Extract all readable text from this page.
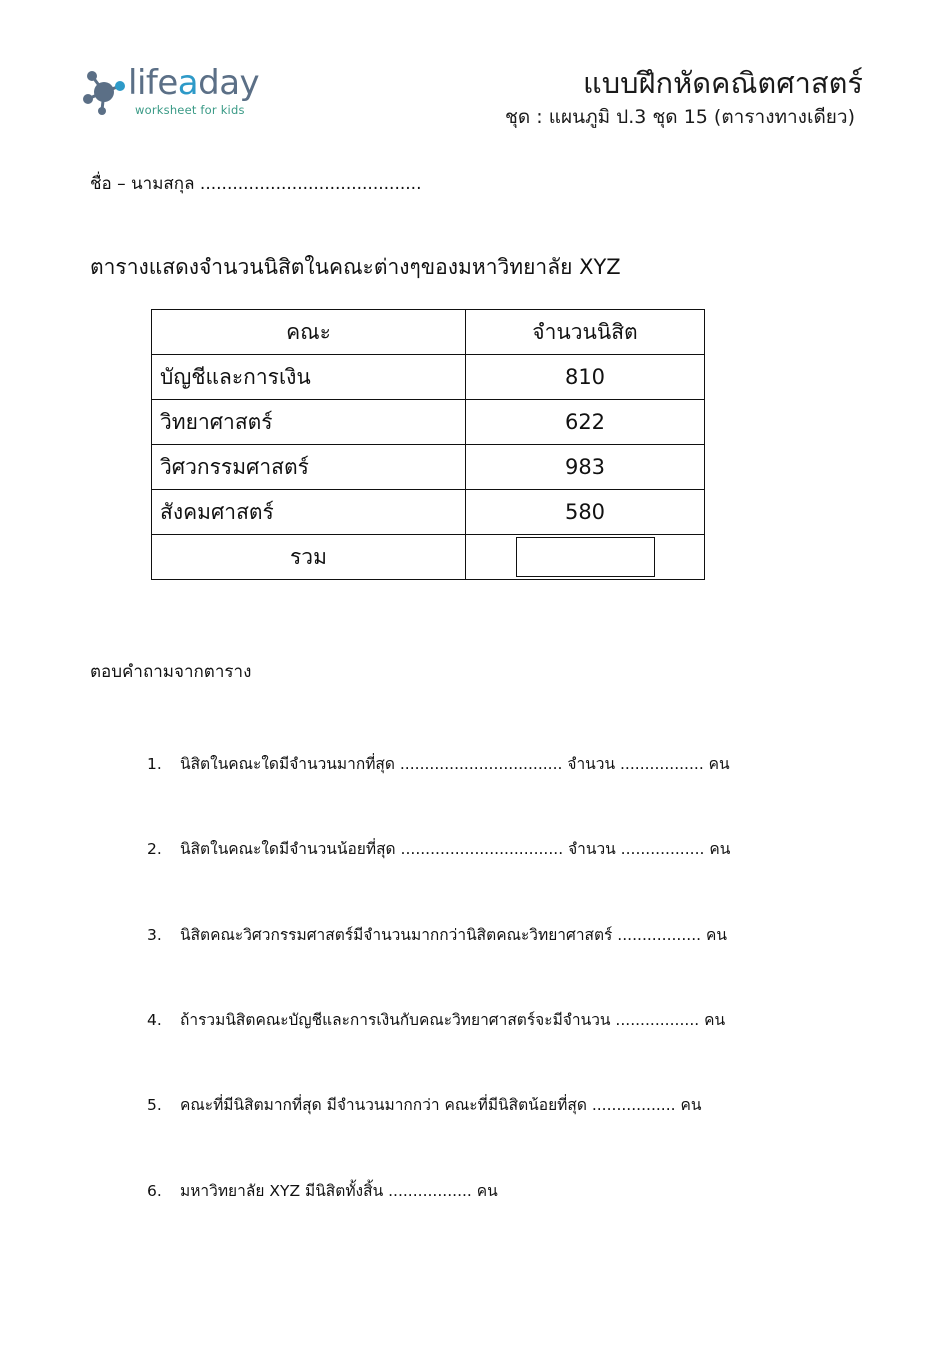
lifeaday
worksheet for kids
แบบฝึกหัดคณิตศาสตร์
ชุด : แผนภูมิ ป.3 ชุด 15 (ตารางทางเดียว)
ชื่อ – นามสกุล .........................................
ตารางแสดงจำนวนนิสิตในคณะต่างๆของมหาวิทยาลัย XYZ
คณะ	จำนวนนิสิต
บัญชีและการเงิน	810
วิทยาศาสตร์	622
วิศวกรรมศาสตร์	983
สังคมศาสตร์	580
รวม	
ตอบคำถามจากตาราง
1. นิสิตในคณะใดมีจำนวนมากที่สุด ................................. จำนวน ................. คน
2. นิสิตในคณะใดมีจำนวนน้อยที่สุด ................................. จำนวน ................. คน
3. นิสิตคณะวิศวกรรมศาสตร์มีจำนวนมากกว่านิสิตคณะวิทยาศาสตร์ ................. คน
4. ถ้ารวมนิสิตคณะบัญชีและการเงินกับคณะวิทยาศาสตร์จะมีจำนวน ................. คน
5. คณะที่มีนิสิตมากที่สุด มีจำนวนมากกว่า คณะที่มีนิสิตน้อยที่สุด ................. คน
6. มหาวิทยาลัย XYZ มีนิสิตทั้งสิ้น ................. คน
